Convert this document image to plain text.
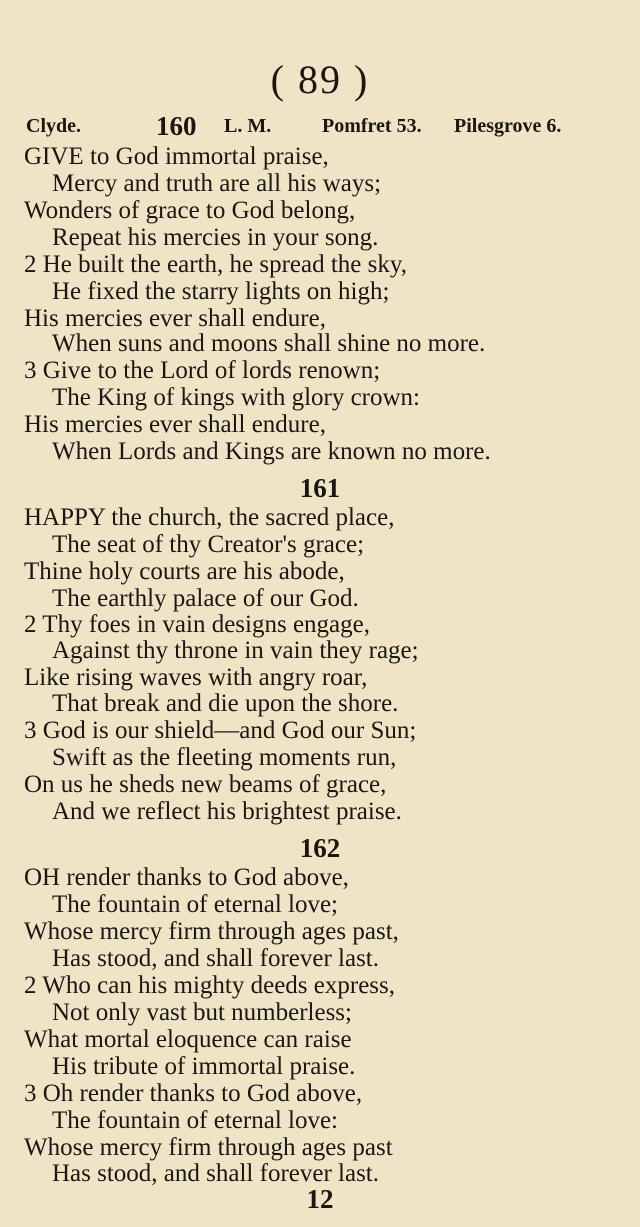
( 89 )
Clyde.	160 L. M.	Pomfret 53. Pilesgrove 6.
GIVE to God immortal praise,
Mercy and truth are all his ways;
Wonders of grace to God belong,
Repeat his mercies in your song.
2 He built the earth, he spread the sky,
He fixed the starry lights on high;
His mercies ever shall endure,
When suns and moons shall shine no more.
3 Give to the Lord of lords renown;
The King of kings with glory crown:
His mercies ever shall endure,
When Lords and Kings are known no more.
161
HAPPY the church, the sacred place,
The seat of thy Creator's grace;
Thine holy courts are his abode,
The earthly palace of our God.
2 Thy foes in vain designs engage,
Against thy throne in vain they rage;
Like rising waves with angry roar,
That break and die upon the shore.
3 God is our shield—and God our Sun;
Swift as the fleeting moments run,
On us he sheds new beams of grace,
And we reflect his brightest praise.
162
OH render thanks to God above,
The fountain of eternal love;
Whose mercy firm through ages past,
Has stood, and shall forever last.
2 Who can his mighty deeds express,
Not only vast but numberless;
What mortal eloquence can raise
His tribute of immortal praise.
3 Oh render thanks to God above,
The fountain of eternal love:
Whose mercy firm through ages past
Has stood, and shall forever last.
12
